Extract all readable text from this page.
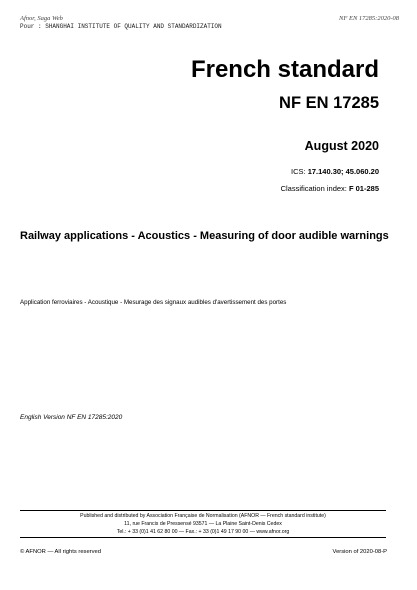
Afnor, Saga Web
Pour : SHANGHAI INSTITUTE OF QUALITY AND STANDARDIZATION
NF EN 17285:2020-08
French standard
NF EN 17285
August 2020
ICS: 17.140.30; 45.060.20
Classification index: F 01-285
Railway applications - Acoustics - Measuring of door audible warnings
Application ferroviaires - Acoustique - Mesurage des signaux audibles d'avertissement des portes
English Version NF EN 17285:2020
Published and distributed by Association Française de Normalisation (AFNOR — French standard institute)
11, rue Francis de Pressensé 93571 — La Plaine Saint-Denis Cedex
Tel.: + 33 (0)1 41 62 80 00 — Fax.: + 33 (0)1 49 17 90 00 — www.afnor.org
© AFNOR — All rights reserved	Version of 2020-08-P
